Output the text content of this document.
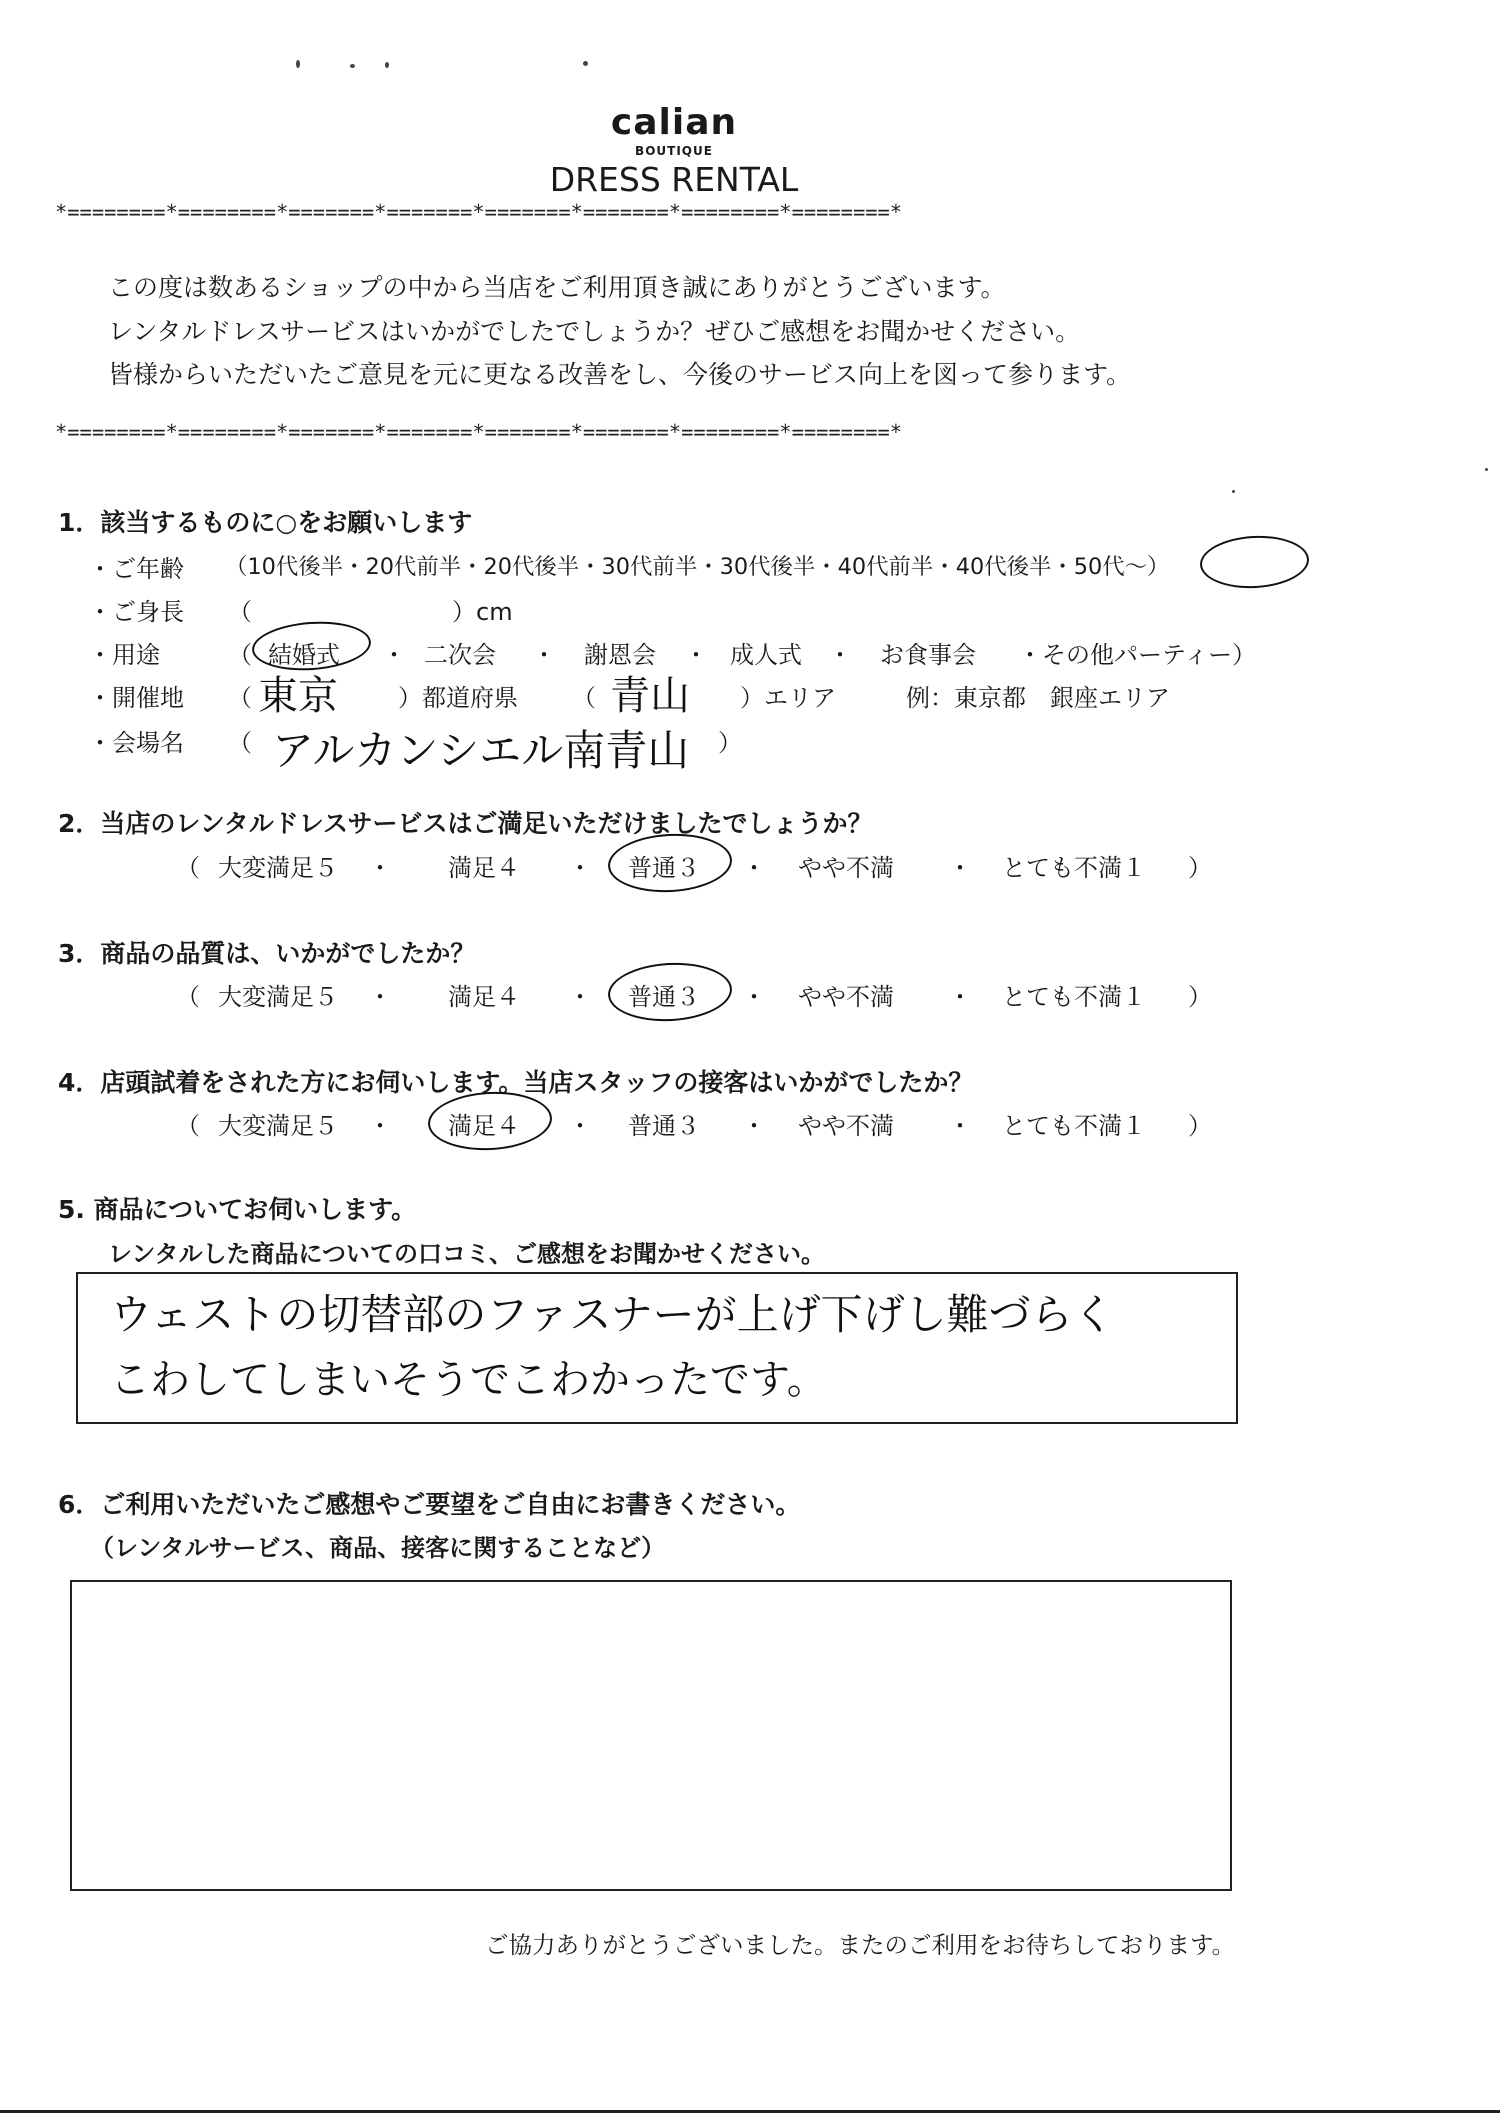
calian
BOUTIQUE
DRESS RENTAL
*========*========*=======*=======*=======*=======*========*========*
この度は数あるショップの中から当店をご利用頂き誠にありがとうございます。
レンタルドレスサービスはいかがでしたでしょうか？ぜひご感想をお聞かせください。
皆様からいただいたご意見を元に更なる改善をし、今後のサービス向上を図って参ります。
*========*========*=======*=======*=======*=======*========*========*
1．該当するものに○をお願いします
・ご年齢 （10代後半・20代前半・20代後半・30代前半・30代後半・40代前半・40代後半・50代～）
・ご身長 （	）cm
・用途	（ 結婚式 ・ 二次会 ・ 謝恩会 ・ 成人式 ・ お食事会 ・その他パーティー）
・開催地 （ 東京	）都道府県 （ 青山 ）エリア	例：東京都　銀座エリア
・会場名 （ アルカンシエル南青山 ）
2．当店のレンタルドレスサービスはご満足いただけましたでしょうか？
（ 大変満足５ ・ 満足４ ・ 普通３ ・ やや不満 ・ とても不満１ ）
3．商品の品質は、いかがでしたか？
（ 大変満足５ ・ 満足４ ・ 普通３ ・ やや不満 ・ とても不満１ ）
4．店頭試着をされた方にお伺いします。当店スタッフの接客はいかがでしたか？
（ 大変満足５ ・ 満足４ ・ 普通３ ・ やや不満 ・ とても不満１ ）
5. 商品についてお伺いします。
レンタルした商品についての口コミ、ご感想をお聞かせください。
ウェストの切替部のファスナーが上げ下げし難づらく
こわしてしまいそうでこわかったです。
6．ご利用いただいたご感想やご要望をご自由にお書きください。
（レンタルサービス、商品、接客に関することなど）
ご協力ありがとうございました。またのご利用をお待ちしております。
